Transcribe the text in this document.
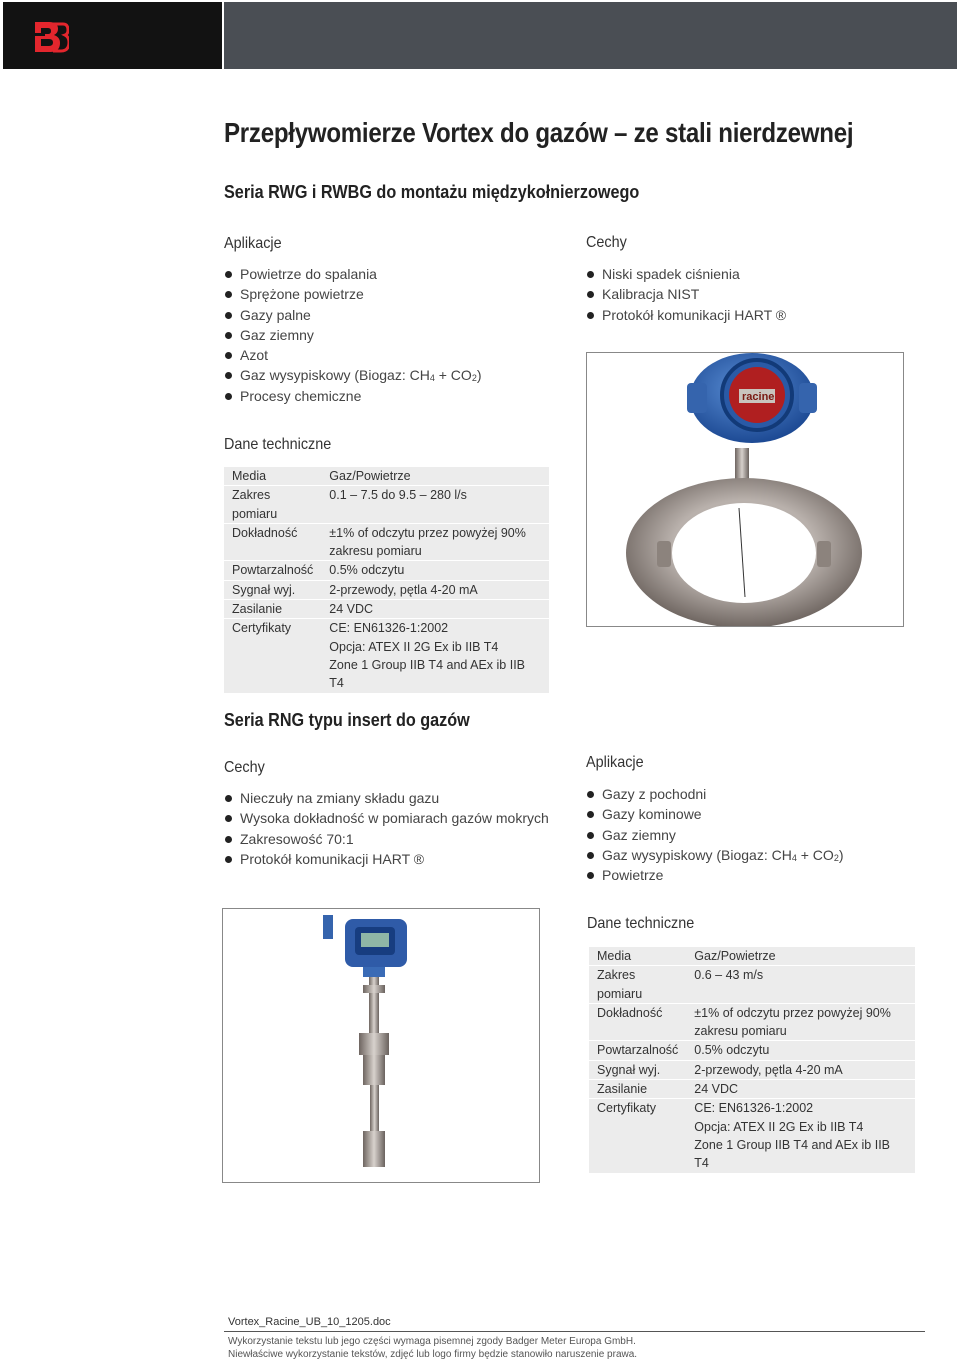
Przepływomierze Vortex do gazów – ze stali nierdzewnej
Seria RWG i RWBG do montażu międzykołnierzowego
Aplikacje
Powietrze do spalania
Sprężone powietrze
Gazy palne
Gaz ziemny
Azot
Gaz wysypiskowy (Biogaz: $CH_4 + CO_2$)
Procesy chemiczne
Cechy
Niski spadek ciśnienia
Kalibracja NIST
Protokół komunikacji HART ®
Dane techniczne
Media	Gaz/Powietrze
Zakres pomiaru	0.1 – 7.5 do 9.5 – 280 l/s
Dokładność	±1% of odczytu przez powyżej 90% zakresu pomiaru
Powtarzalność	0.5% odczytu
Sygnał wyj.	2-przewody, pętla 4-20 mA
Zasilanie	24 VDC
Certyfikaty	CE: EN61326-1:2002
Opcja: ATEX II 2G Ex ib IIB T4
Zone 1 Group IIB T4 and AEx ib IIB T4
racine
Seria RNG typu insert do gazów
Cechy
Nieczuły na zmiany składu gazu
Wysoka dokładność w pomiarach gazów mokrych
Zakresowość 70:1
Protokół komunikacji HART ®
Aplikacje
Gazy z pochodni
Gazy kominowe
Gaz ziemny
Gaz wysypiskowy (Biogaz: $CH_4 + CO_2$)
Powietrze
Dane techniczne
Media	Gaz/Powietrze
Zakres pomiaru	0.6 – 43 m/s
Dokładność	±1% of odczytu przez powyżej 90% zakresu pomiaru
Powtarzalność	0.5% odczytu
Sygnał wyj.	2-przewody, pętla 4-20 mA
Zasilanie	24 VDC
Certyfikaty	CE: EN61326-1:2002
Opcja: ATEX II 2G Ex ib IIB T4
Zone 1 Group IIB T4 and AEx ib IIB T4
Vortex_Racine_UB_10_1205.doc
Wykorzystanie tekstu lub jego części wymaga pisemnej zgody Badger Meter Europa GmbH.
Niewłaściwe wykorzystanie tekstów, zdjęć lub logo firmy będzie stanowiło naruszenie prawa.
